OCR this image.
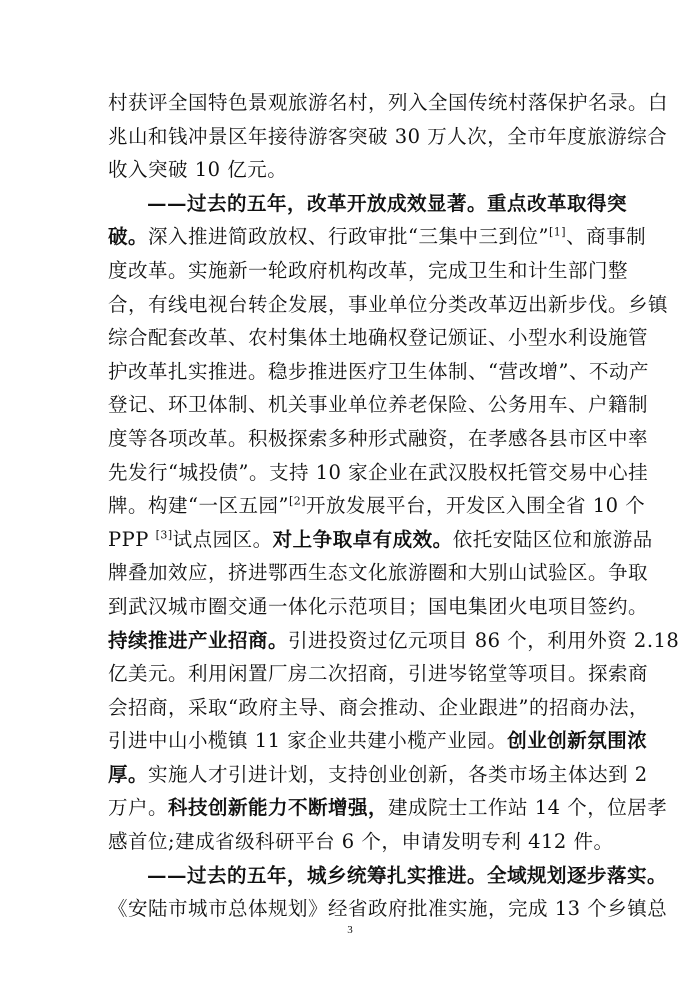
村获评全国特色景观旅游名村，列入全国传统村落保护名录。白
兆山和钱冲景区年接待游客突破 30 万人次，全市年度旅游综合
收入突破 10 亿元。
——过去的五年，改革开放成效显著。重点改革取得突
破。深入推进简政放权、行政审批“三集中三到位”[1]、商事制
度改革。实施新一轮政府机构改革，完成卫生和计生部门整
合，有线电视台转企发展，事业单位分类改革迈出新步伐。乡镇
综合配套改革、农村集体土地确权登记颁证、小型水利设施管
护改革扎实推进。稳步推进医疗卫生体制、“营改增”、不动产
登记、环卫体制、机关事业单位养老保险、公务用车、户籍制
度等各项改革。积极探索多种形式融资，在孝感各县市区中率
先发行“城投债”。支持 10 家企业在武汉股权托管交易中心挂
牌。构建“一区五园”[2]开放发展平台，开发区入围全省 10 个
PPP [3]试点园区。对上争取卓有成效。依托安陆区位和旅游品
牌叠加效应，挤进鄂西生态文化旅游圈和大别山试验区。争取
到武汉城市圈交通一体化示范项目；国电集团火电项目签约。
持续推进产业招商。引进投资过亿元项目 86 个，利用外资 2.18
亿美元。利用闲置厂房二次招商，引进岑铭堂等项目。探索商
会招商，采取“政府主导、商会推动、企业跟进”的招商办法，
引进中山小榄镇 11 家企业共建小榄产业园。创业创新氛围浓
厚。实施人才引进计划，支持创业创新，各类市场主体达到 2
万户。科技创新能力不断增强，建成院士工作站 14 个，位居孝
感首位;建成省级科研平台 6 个，申请发明专利 412 件。
——过去的五年，城乡统筹扎实推进。全域规划逐步落实。
《安陆市城市总体规划》经省政府批准实施，完成 13 个乡镇总
3
